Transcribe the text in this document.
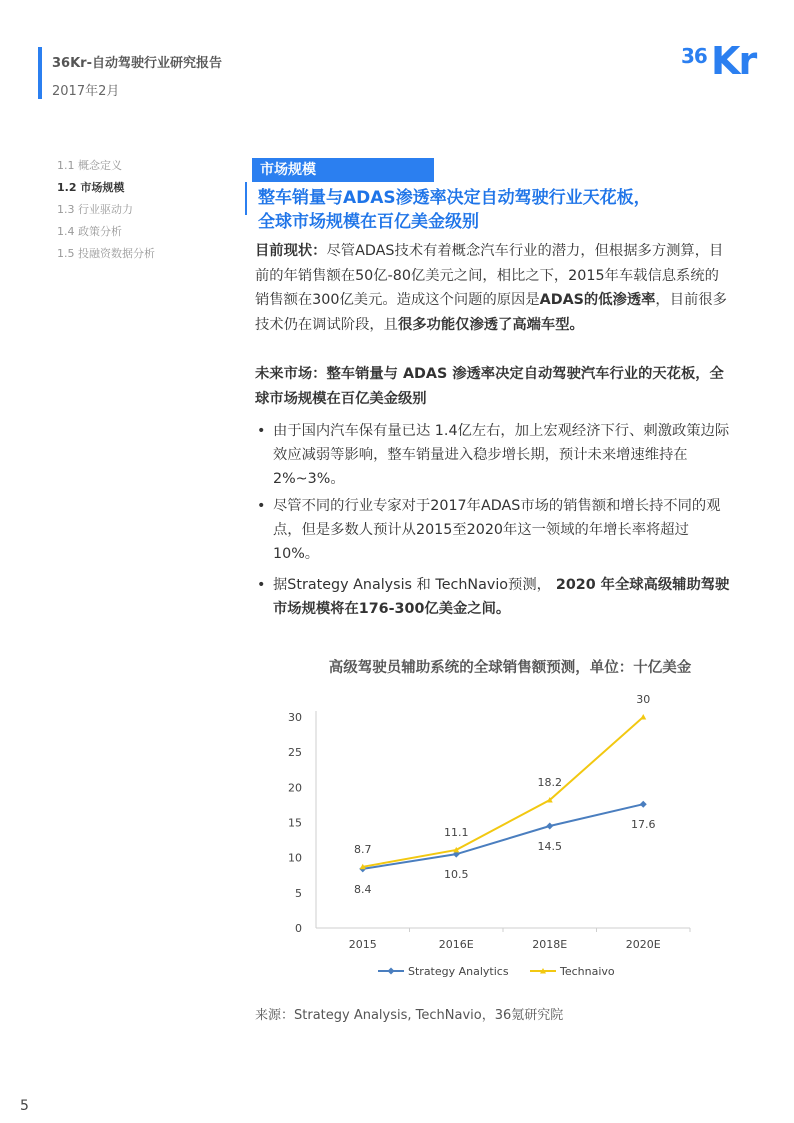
36Kr-自动驾驶行业研究报告
2017年2月
36 Kr
1.1 概念定义
1.2 市场规模
1.3 行业驱动力
1.4 政策分析
1.5 投融资数据分析
市场规模
整车销量与ADAS渗透率决定自动驾驶行业天花板，
全球市场规模在百亿美金级别
目前现状：尽管ADAS技术有着概念汽车行业的潜力，但根据多方测算，目前的年销售额在50亿-80亿美元之间，相比之下，2015年车载信息系统的销售额在300亿美元。造成这个问题的原因是ADAS的低渗透率，目前很多技术仍在调试阶段，且很多功能仅渗透了高端车型。
未来市场：整车销量与 ADAS 渗透率决定自动驾驶汽车行业的天花板，全球市场规模在百亿美金级别
• 由于国内汽车保有量已达 1.4亿左右，加上宏观经济下行、刺激政策边际效应减弱等影响，整车销量进入稳步增长期，预计未来增速维持在 2%~3%。
• 尽管不同的行业专家对于2017年ADAS市场的销售额和增长持不同的观点，但是多数人预计从2015至2020年这一领域的年增长率将超过10%。
• 据Strategy Analysis 和 TechNavio预测， 2020 年全球高级辅助驾驶市场规模将在176-300亿美金之间。
高级驾驶员辅助系统的全球销售额预测，单位：十亿美金
0
5
10
15
20
25
30
2015	2016E	2018E	2020E
8.4
10.5
14.5
17.6
8.7
11.1
18.2
30
Strategy Analytics	Technaivo
来源：Strategy Analysis, TechNavio，36氪研究院
5
